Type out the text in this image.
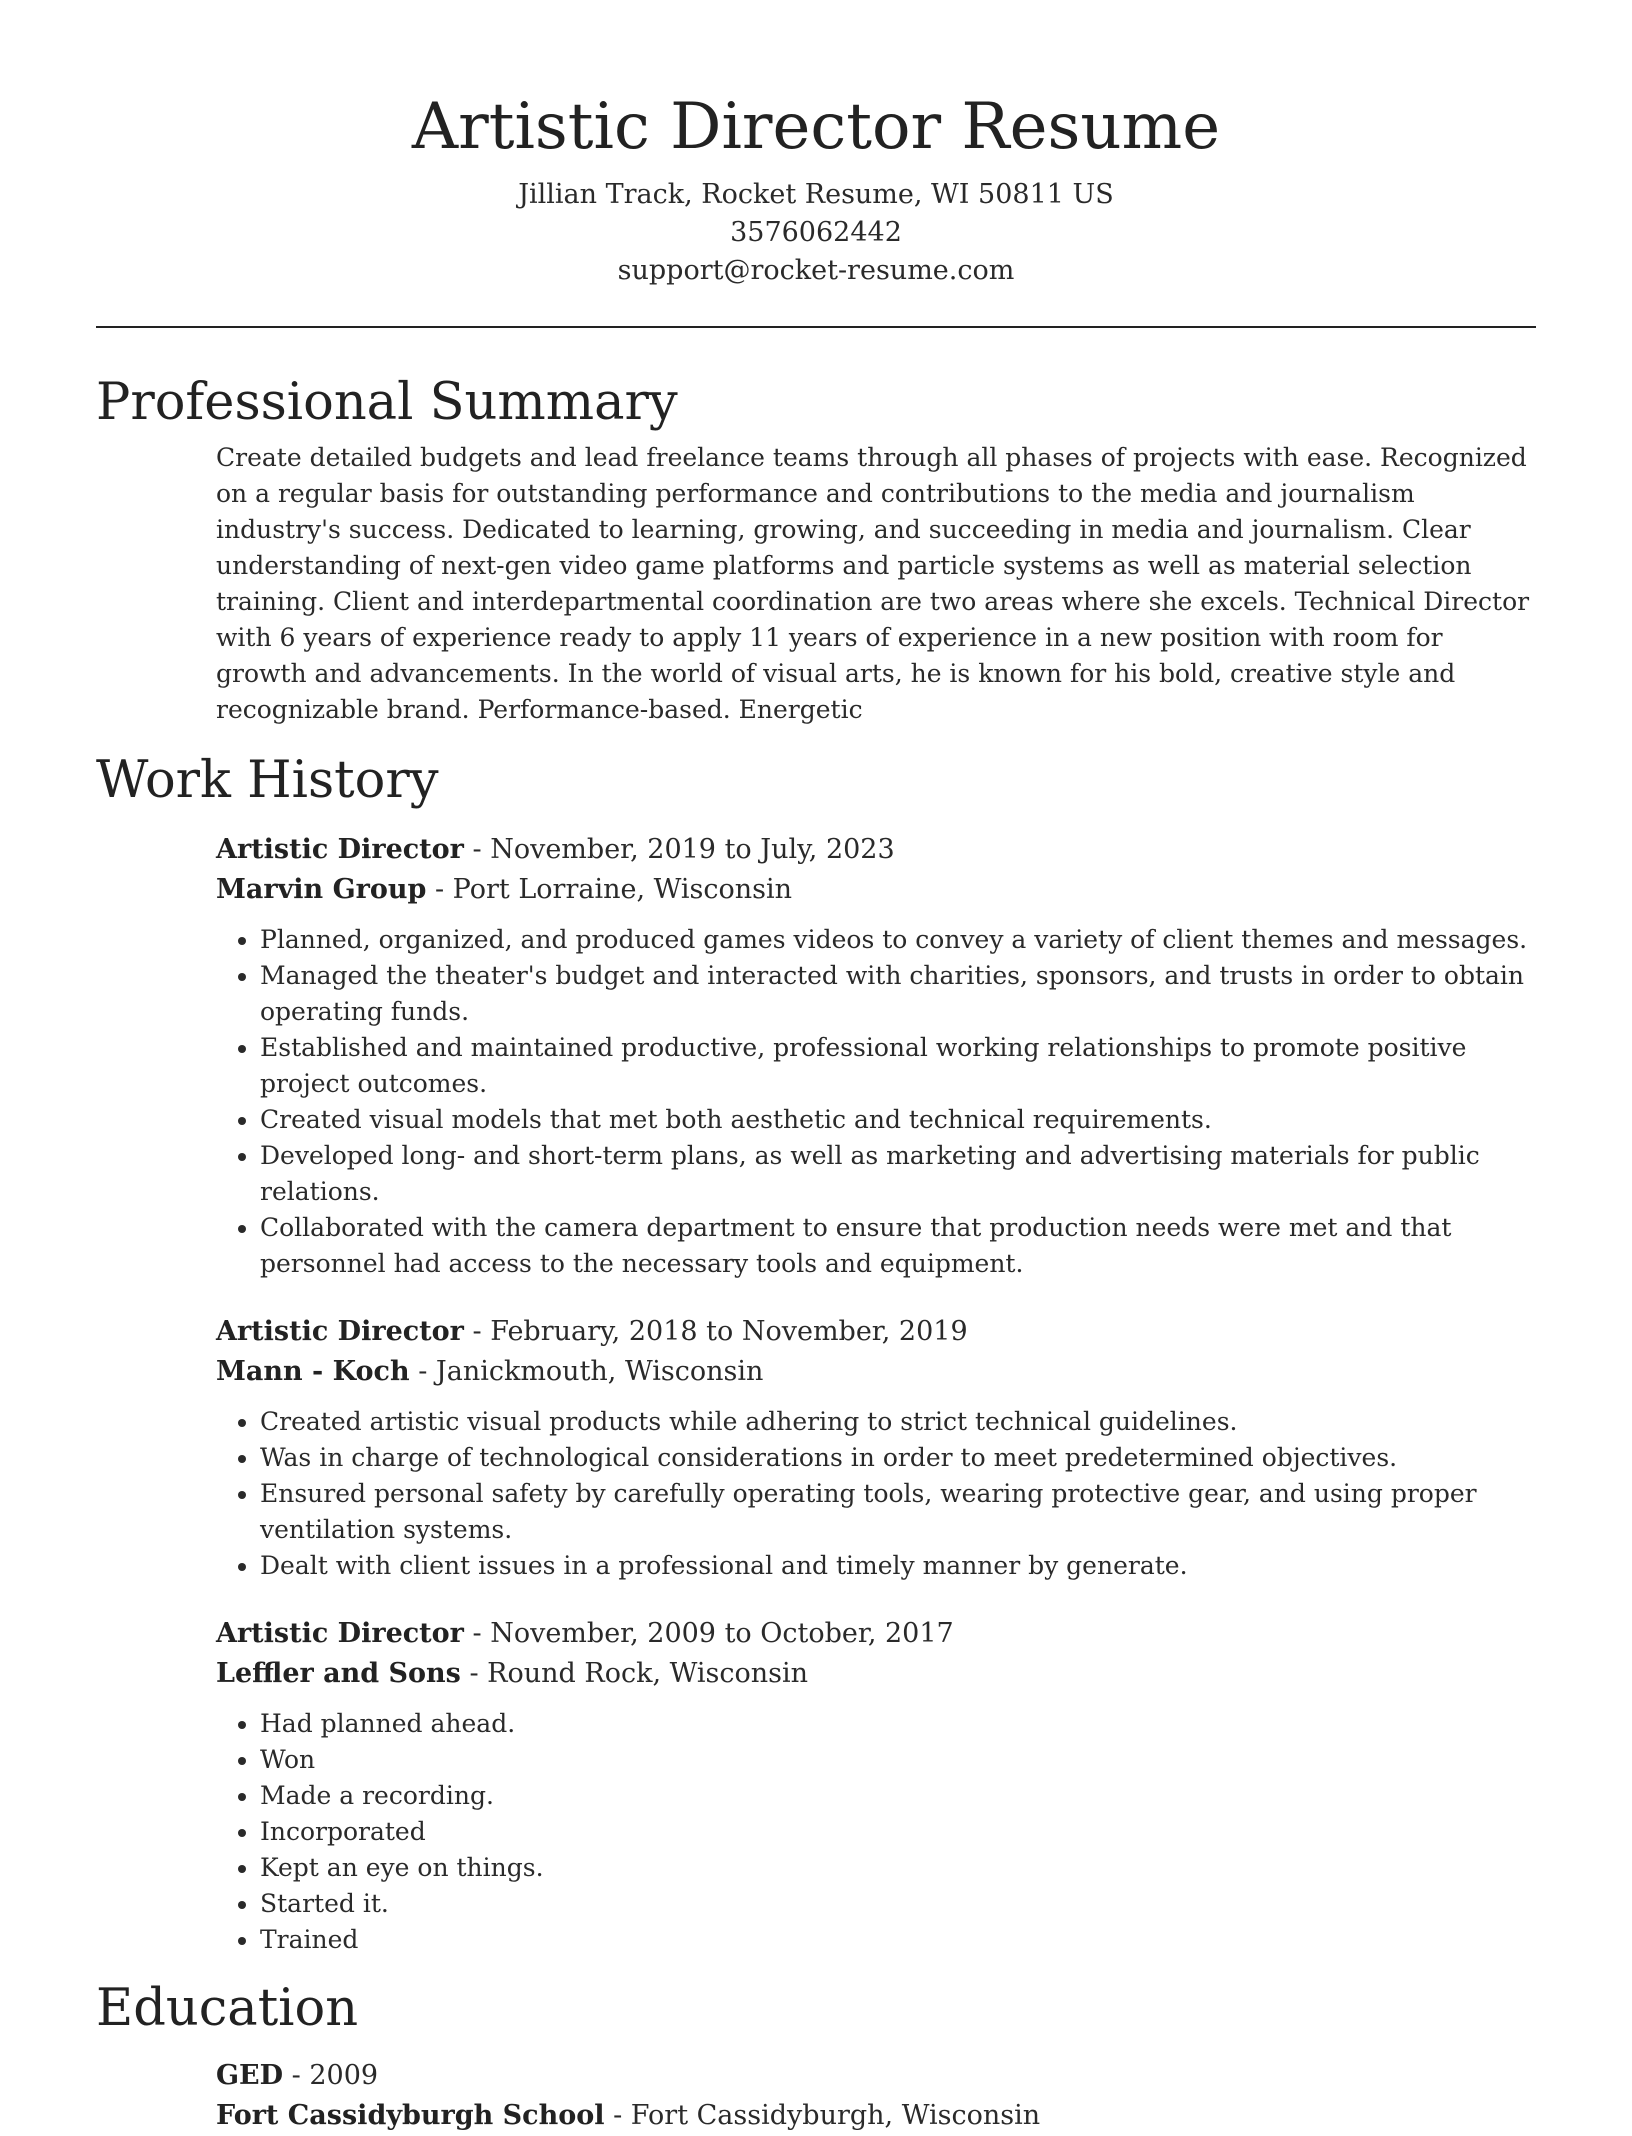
Artistic Director Resume
Jillian Track, Rocket Resume, WI 50811 US
3576062442
support@rocket-resume.com
Professional Summary

Create detailed budgets and lead freelance teams through all phases of projects with ease. Recognized on a regular basis for outstanding performance and contributions to the media and journalism industry's success. Dedicated to learning, growing, and succeeding in media and journalism. Clear understanding of next-gen video game platforms and particle systems as well as material selection training. Client and interdepartmental coordination are two areas where she excels. Technical Director with 6 years of experience ready to apply 11 years of experience in a new position with room for growth and advancements. In the world of visual arts, he is known for his bold, creative style and recognizable brand. Performance-based. Energetic

Work History
Artistic Director - November, 2019 to July, 2023
Marvin Group - Port Lorraine, Wisconsin
• Planned, organized, and produced games videos to convey a variety of client themes and messages.
• Managed the theater's budget and interacted with charities, sponsors, and trusts in order to obtain operating funds.
• Established and maintained productive, professional working relationships to promote positive project outcomes.
• Created visual models that met both aesthetic and technical requirements.
• Developed long- and short-term plans, as well as marketing and advertising materials for public relations.
• Collaborated with the camera department to ensure that production needs were met and that personnel had access to the necessary tools and equipment.
Artistic Director - February, 2018 to November, 2019
Mann - Koch - Janickmouth, Wisconsin
• Created artistic visual products while adhering to strict technical guidelines.
• Was in charge of technological considerations in order to meet predetermined objectives.
• Ensured personal safety by carefully operating tools, wearing protective gear, and using proper ventilation systems.
• Dealt with client issues in a professional and timely manner by generate.
Artistic Director - November, 2009 to October, 2017
Leffler and Sons - Round Rock, Wisconsin
• Had planned ahead.
• Won
• Made a recording.
• Incorporated
• Kept an eye on things.
• Started it.
• Trained
Education
GED - 2009
Fort Cassidyburgh School - Fort Cassidyburgh, Wisconsin
